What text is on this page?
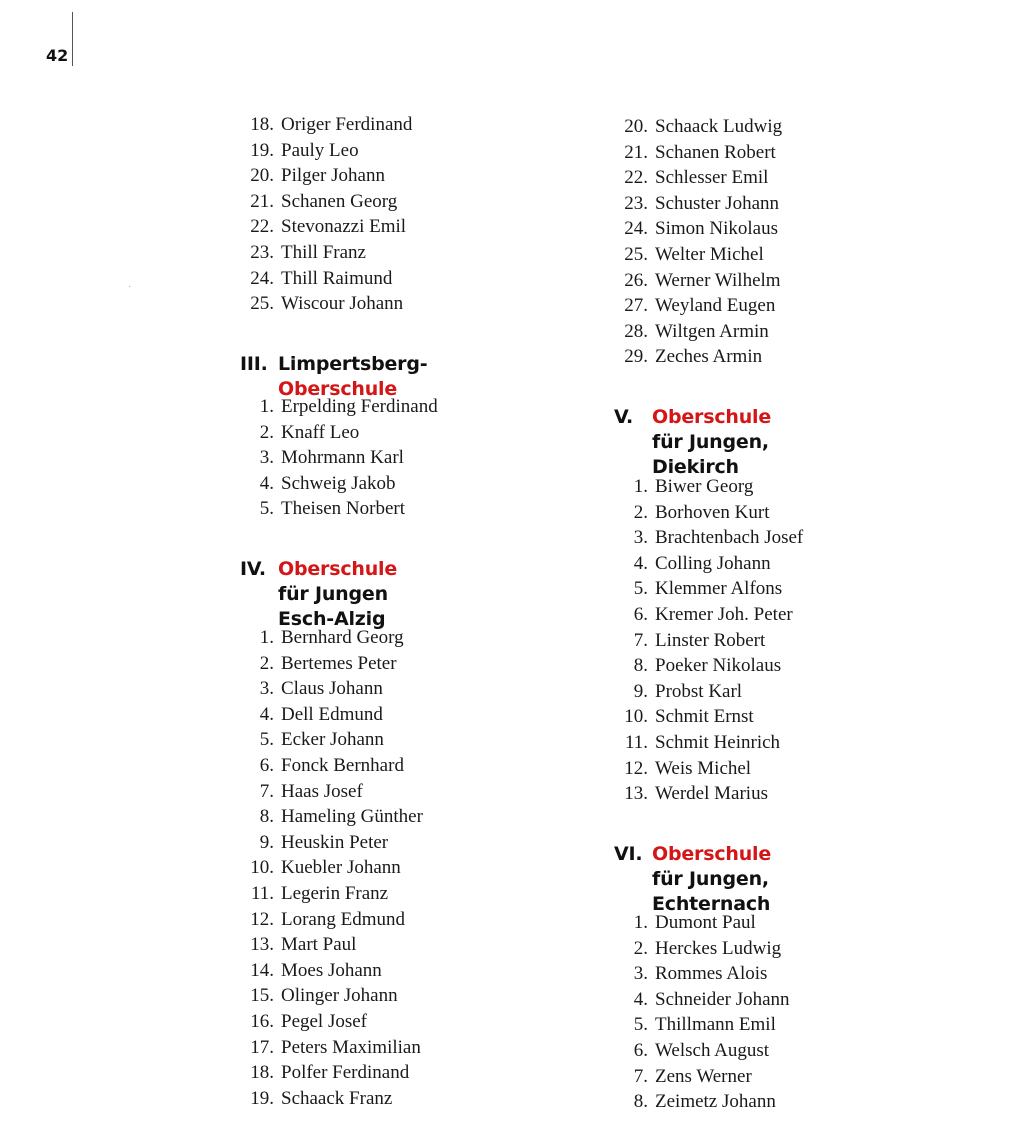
42
·
18. Origer Ferdinand
19. Pauly Leo
20. Pilger Johann
21. Schanen Georg
22. Stevonazzi Emil
23. Thill Franz
24. Thill Raimund
25. Wiscour Johann
III. Limpertsberg-Oberschule
1. Erpelding Ferdinand
2. Knaff Leo
3. Mohrmann Karl
4. Schweig Jakob
5. Theisen Norbert
IV. Oberschule für Jungen
Esch-Alzig
1. Bernhard Georg
2. Bertemes Peter
3. Claus Johann
4. Dell Edmund
5. Ecker Johann
6. Fonck Bernhard
7. Haas Josef
8. Hameling Günther
9. Heuskin Peter
10. Kuebler Johann
11. Legerin Franz
12. Lorang Edmund
13. Mart Paul
14. Moes Johann
15. Olinger Johann
16. Pegel Josef
17. Peters Maximilian
18. Polfer Ferdinand
19. Schaack Franz
20. Schaack Ludwig
21. Schanen Robert
22. Schlesser Emil
23. Schuster Johann
24. Simon Nikolaus
25. Welter Michel
26. Werner Wilhelm
27. Weyland Eugen
28. Wiltgen Armin
29. Zeches Armin
V. Oberschule für Jungen,
Diekirch
1. Biwer Georg
2. Borhoven Kurt
3. Brachtenbach Josef
4. Colling Johann
5. Klemmer Alfons
6. Kremer Joh. Peter
7. Linster Robert
8. Poeker Nikolaus
9. Probst Karl
10. Schmit Ernst
11. Schmit Heinrich
12. Weis Michel
13. Werdel Marius
VI. Oberschule für Jungen,
Echternach
1. Dumont Paul
2. Herckes Ludwig
3. Rommes Alois
4. Schneider Johann
5. Thillmann Emil
6. Welsch August
7. Zens Werner
8. Zeimetz Johann
